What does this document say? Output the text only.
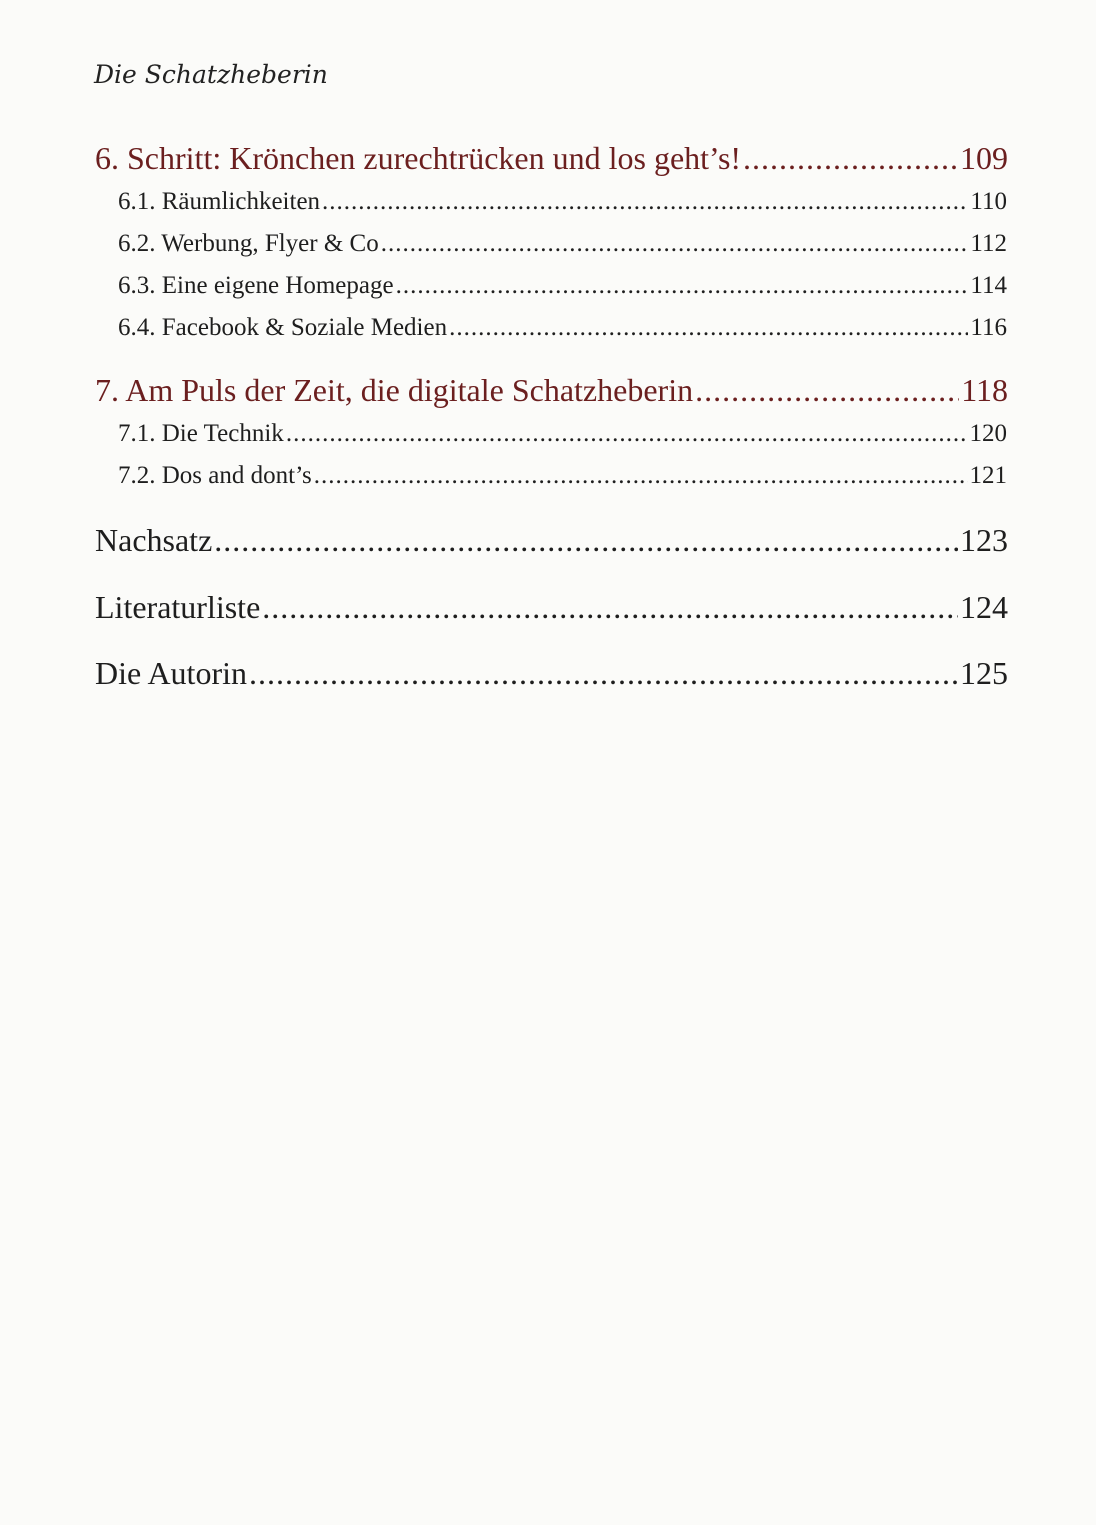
Die Schatzheberin
6. Schritt: Krönchen zurechtrücken und los geht’s! .....	109
6.1. Räumlichkeiten .....	110
6.2. Werbung, Flyer & Co .....	112
6.3. Eine eigene Homepage .....	114
6.4. Facebook & Soziale Medien .....	116
7. Am Puls der Zeit, die digitale Schatzheberin .....	118
7.1. Die Technik .....	120
7.2. Dos and dont’s .....	121
Nachsatz .....	123
Literaturliste .....	124
Die Autorin .....	125
